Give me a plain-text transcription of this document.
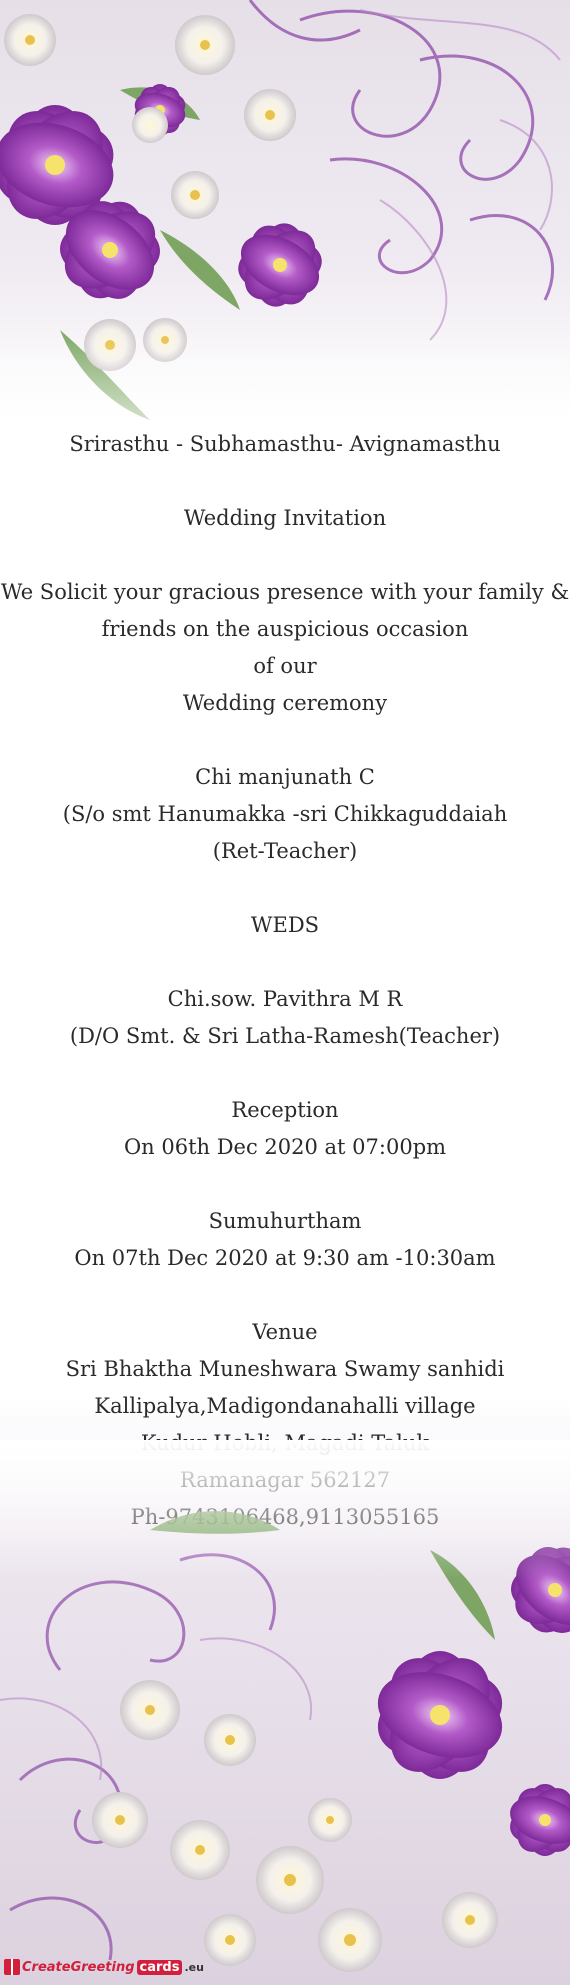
Srirasthu - Subhamasthu- Avignamasthu
Wedding Invitation
We Solicit your gracious presence with your family &
friends on the auspicious occasion
of our
Wedding ceremony
Chi manjunath C
(S/o smt Hanumakka -sri Chikkaguddaiah
(Ret-Teacher)
WEDS
Chi.sow. Pavithra M R
(D/O Smt. & Sri Latha-Ramesh(Teacher)
Reception
On 06th Dec 2020 at 07:00pm
Sumuhurtham
On 07th Dec 2020 at 9:30 am -10:30am
Venue
Sri Bhaktha Muneshwara Swamy sanhidi
Kallipalya,Madigondanahalli village
CreateGreeting cards .eu
